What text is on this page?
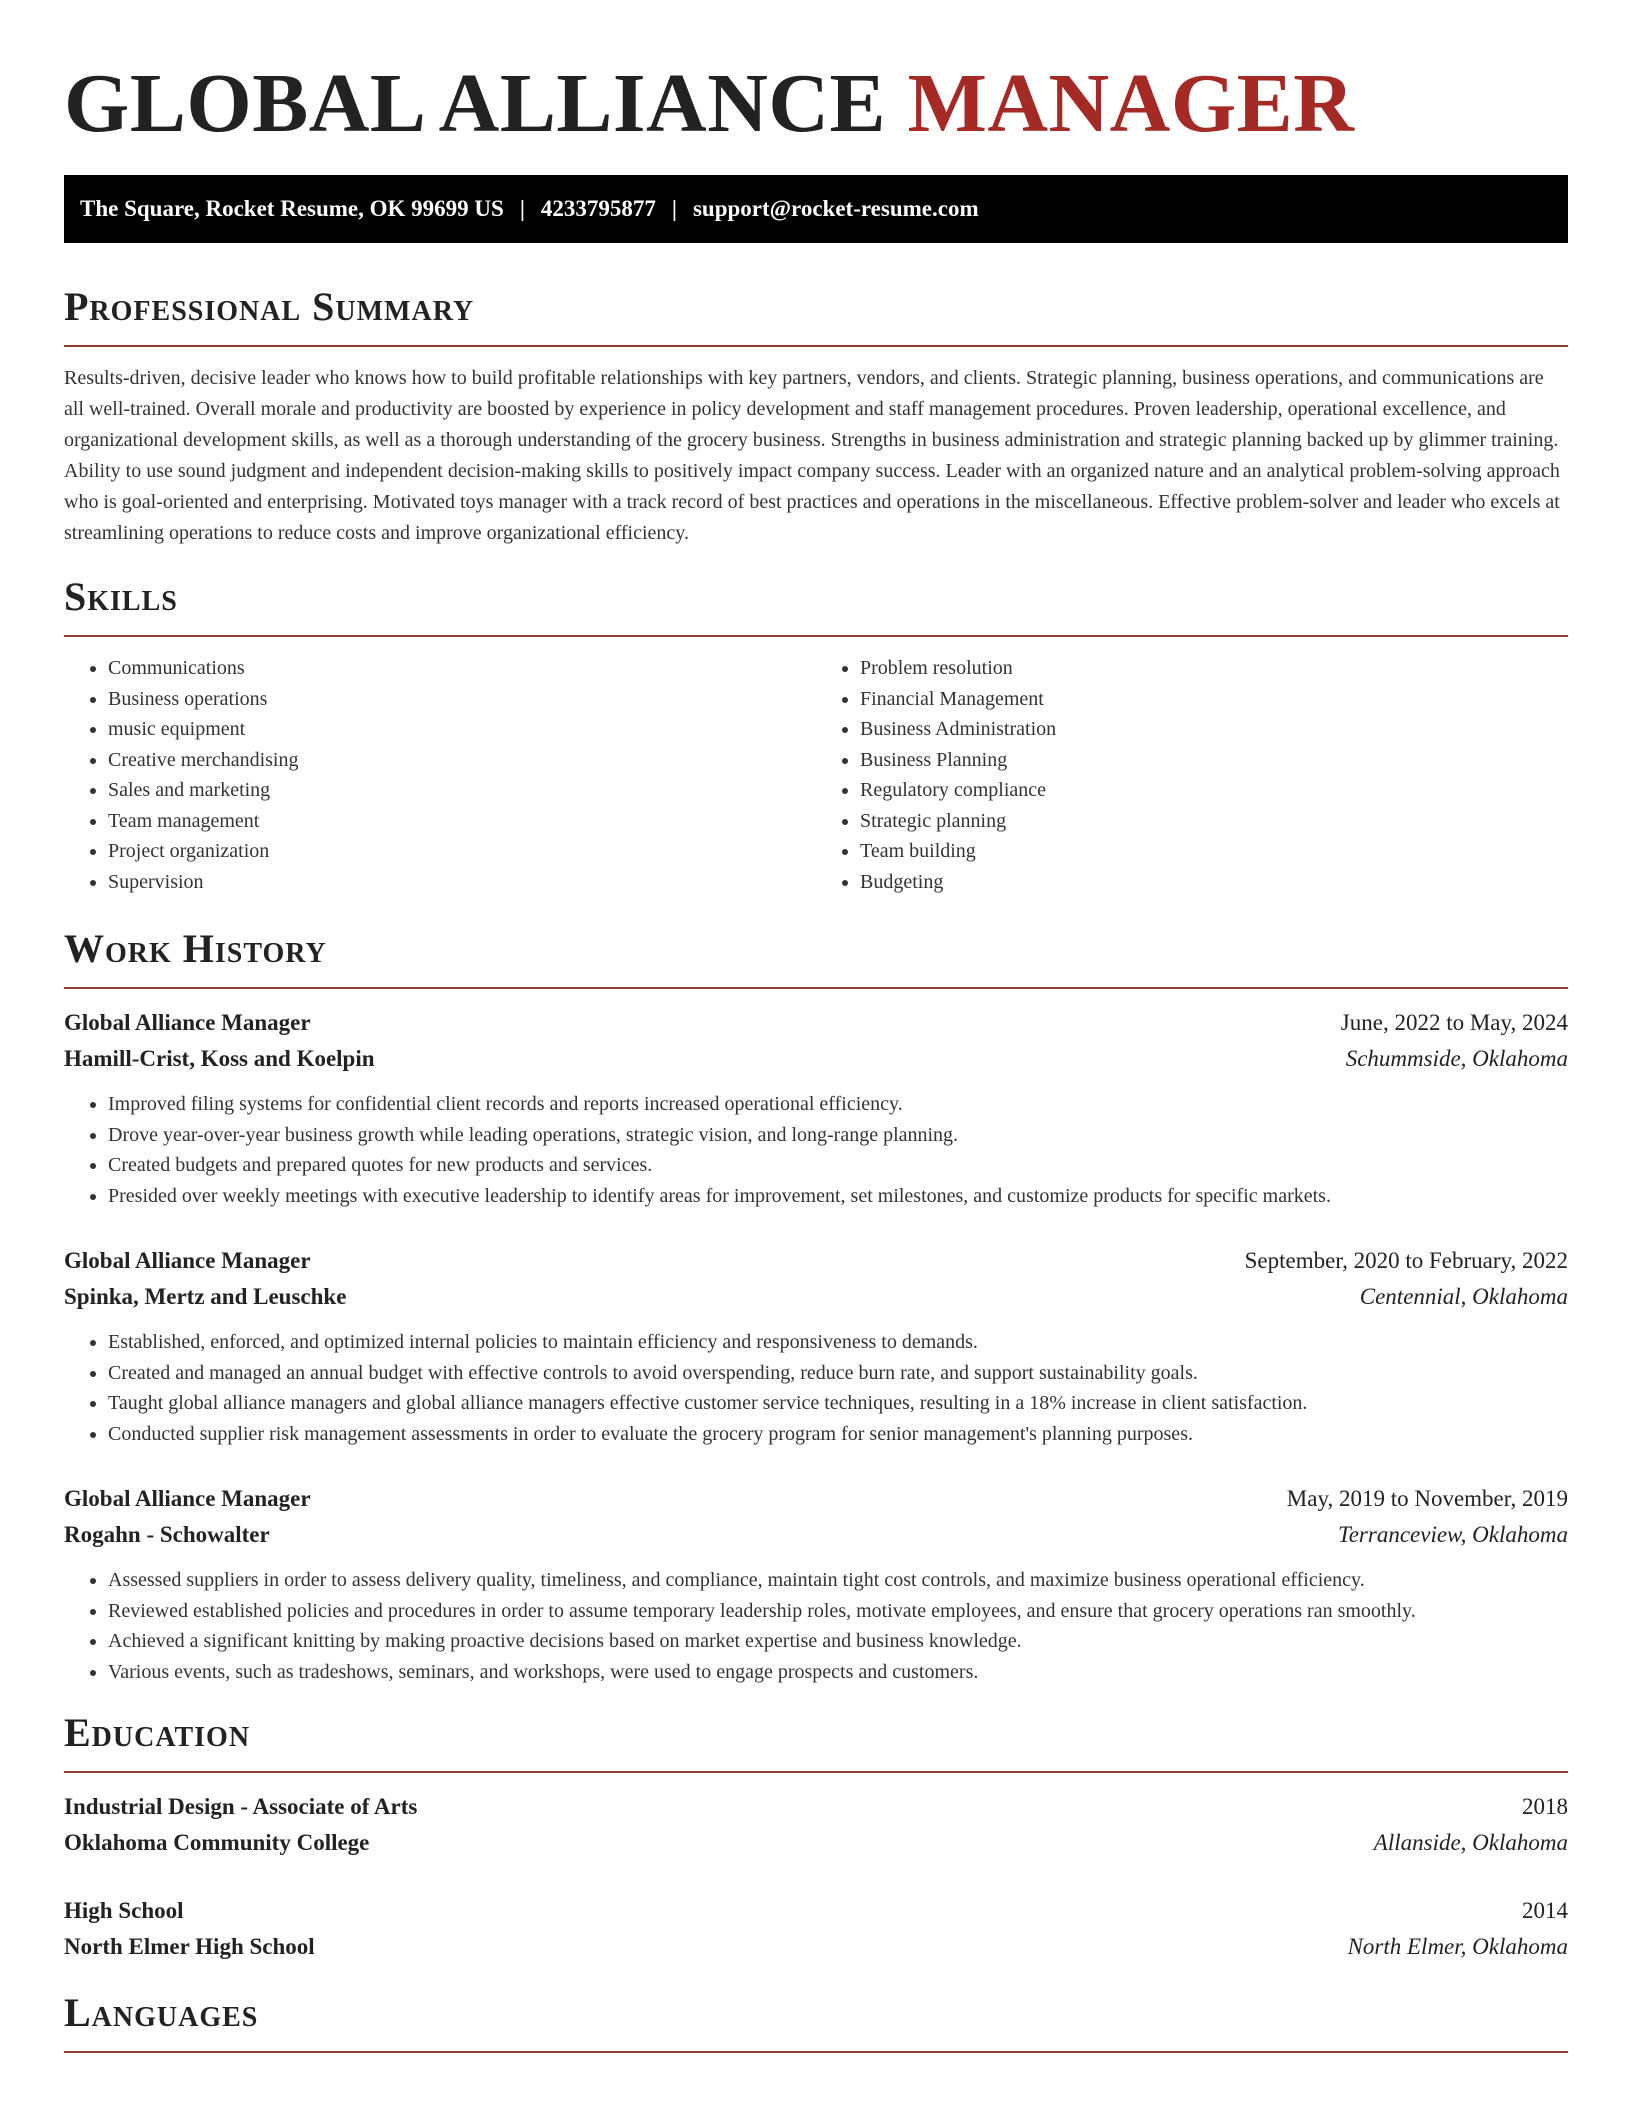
GLOBAL ALLIANCE MANAGER
The Square, Rocket Resume, OK 99699 US | 4233795877 | support@rocket-resume.com
Professional Summary

Results-driven, decisive leader who knows how to build profitable relationships with key partners, vendors, and clients. Strategic planning, business operations, and communications are all well-trained. Overall morale and productivity are boosted by experience in policy development and staff management procedures. Proven leadership, operational excellence, and organizational development skills, as well as a thorough understanding of the grocery business. Strengths in business administration and strategic planning backed up by glimmer training. Ability to use sound judgment and independent decision-making skills to positively impact company success. Leader with an organized nature and an analytical problem-solving approach who is goal-oriented and enterprising. Motivated toys manager with a track record of best practices and operations in the miscellaneous. Effective problem-solver and leader who excels at streamlining operations to reduce costs and improve organizational efficiency.

Skills
• Communications
• Business operations
• music equipment
• Creative merchandising
• Sales and marketing
• Team management
• Project organization
• Supervision
• Problem resolution
• Financial Management
• Business Administration
• Business Planning
• Regulatory compliance
• Strategic planning
• Team building
• Budgeting
Work History
Global Alliance Manager	June, 2022 to May, 2024
Hamill-Crist, Koss and Koelpin	Schummside, Oklahoma
• Improved filing systems for confidential client records and reports increased operational efficiency.
• Drove year-over-year business growth while leading operations, strategic vision, and long-range planning.
• Created budgets and prepared quotes for new products and services.
• Presided over weekly meetings with executive leadership to identify areas for improvement, set milestones, and customize products for specific markets.
Global Alliance Manager	September, 2020 to February, 2022
Spinka, Mertz and Leuschke	Centennial, Oklahoma
• Established, enforced, and optimized internal policies to maintain efficiency and responsiveness to demands.
• Created and managed an annual budget with effective controls to avoid overspending, reduce burn rate, and support sustainability goals.
• Taught global alliance managers and global alliance managers effective customer service techniques, resulting in a 18% increase in client satisfaction.
• Conducted supplier risk management assessments in order to evaluate the grocery program for senior management's planning purposes.
Global Alliance Manager	May, 2019 to November, 2019
Rogahn - Schowalter	Terranceview, Oklahoma
• Assessed suppliers in order to assess delivery quality, timeliness, and compliance, maintain tight cost controls, and maximize business operational efficiency.
• Reviewed established policies and procedures in order to assume temporary leadership roles, motivate employees, and ensure that grocery operations ran smoothly.
• Achieved a significant knitting by making proactive decisions based on market expertise and business knowledge.
• Various events, such as tradeshows, seminars, and workshops, were used to engage prospects and customers.
Education
Industrial Design - Associate of Arts	2018
Oklahoma Community College	Allanside, Oklahoma
High School	2014
North Elmer High School	North Elmer, Oklahoma
Languages
